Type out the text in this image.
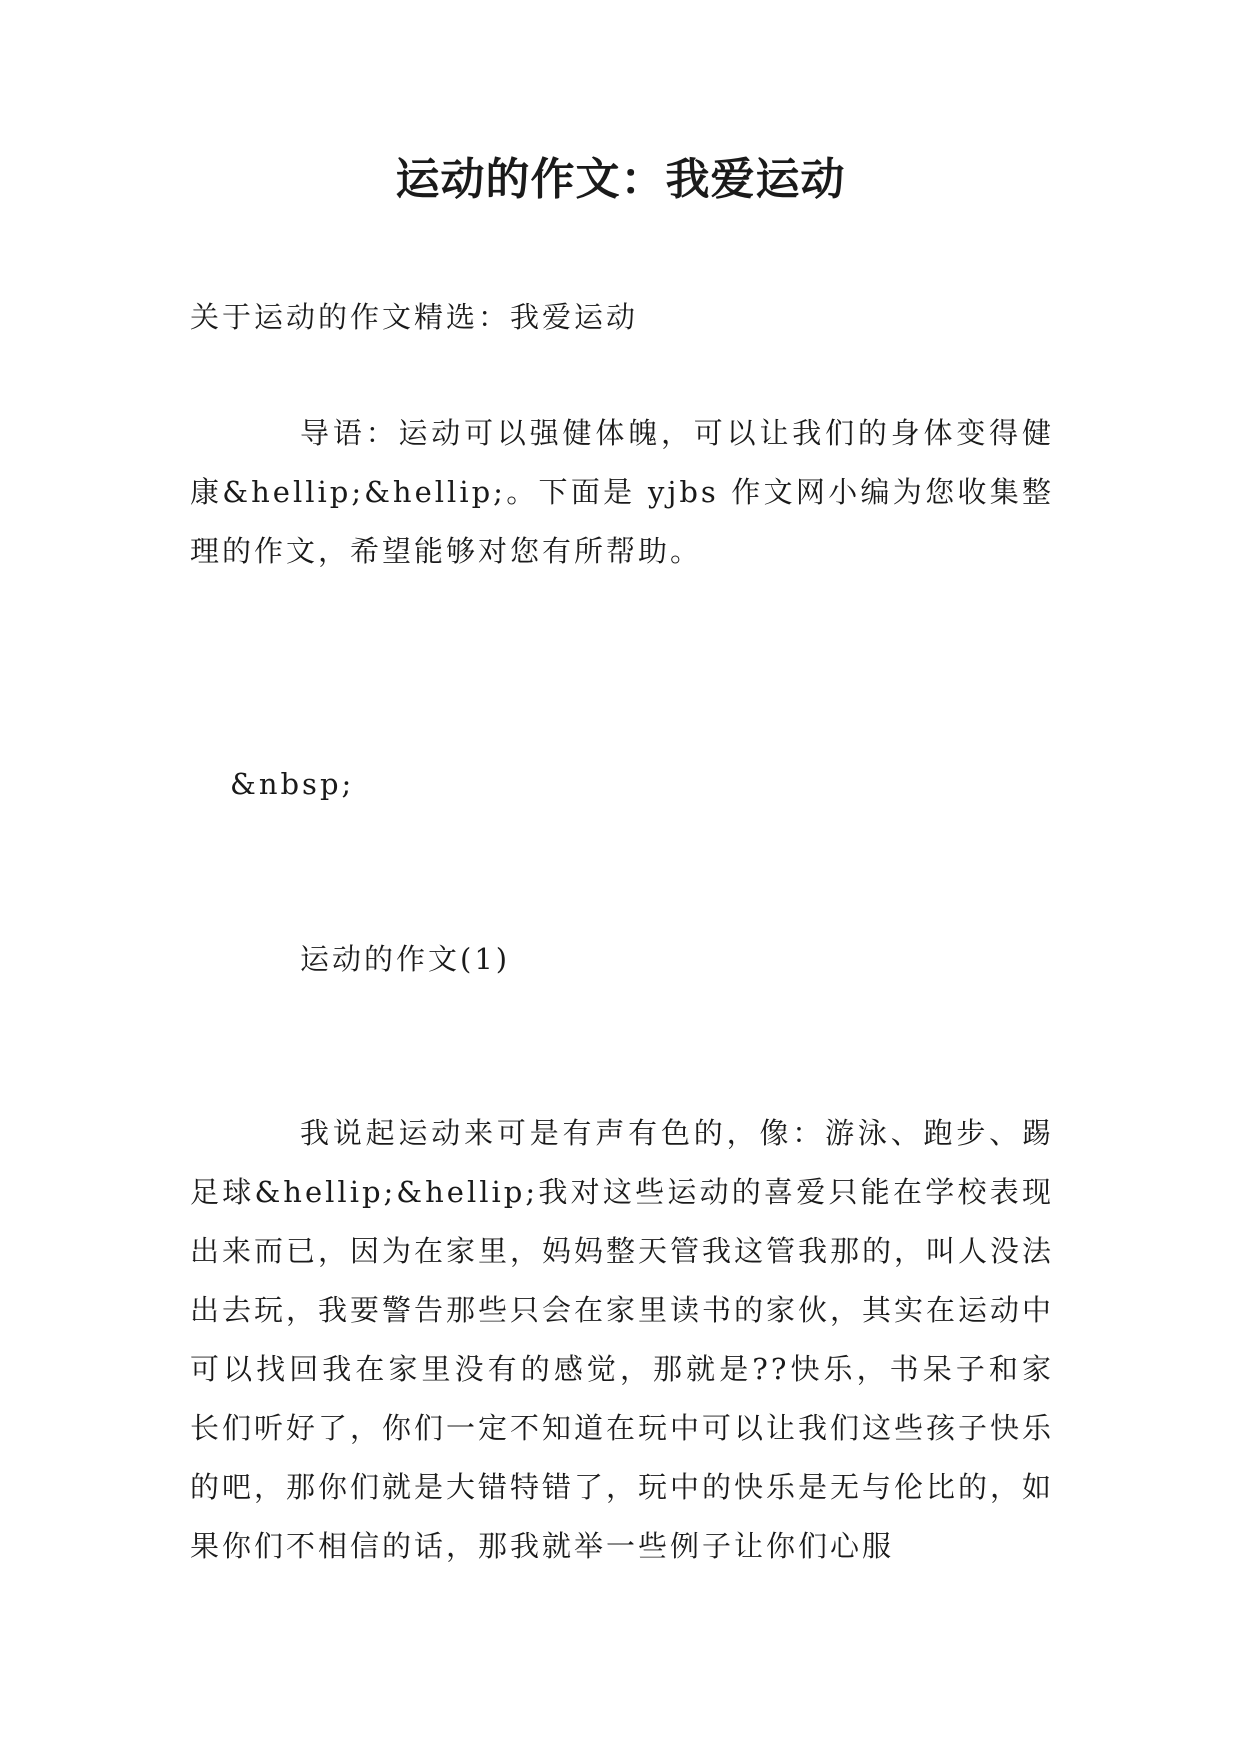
运动的作文：我爱运动

关于运动的作文精选：我爱运动

导语：运动可以强健体魄，可以让我们的身体变得健康&hellip;&hellip;。下面是 yjbs 作文网小编为您收集整理的作文，希望能够对您有所帮助。

&nbsp;

运动的作文(1)

我说起运动来可是有声有色的，像：游泳、跑步、踢足球&hellip;&hellip;我对这些运动的喜爱只能在学校表现出来而已，因为在家里，妈妈整天管我这管我那的，叫人没法出去玩，我要警告那些只会在家里读书的家伙，其实在运动中可以找回我在家里没有的感觉，那就是??快乐，书呆子和家长们听好了，你们一定不知道在玩中可以让我们这些孩子快乐的吧，那你们就是大错特错了，玩中的快乐是无与伦比的，如果你们不相信的话，那我就举一些例子让你们心服
